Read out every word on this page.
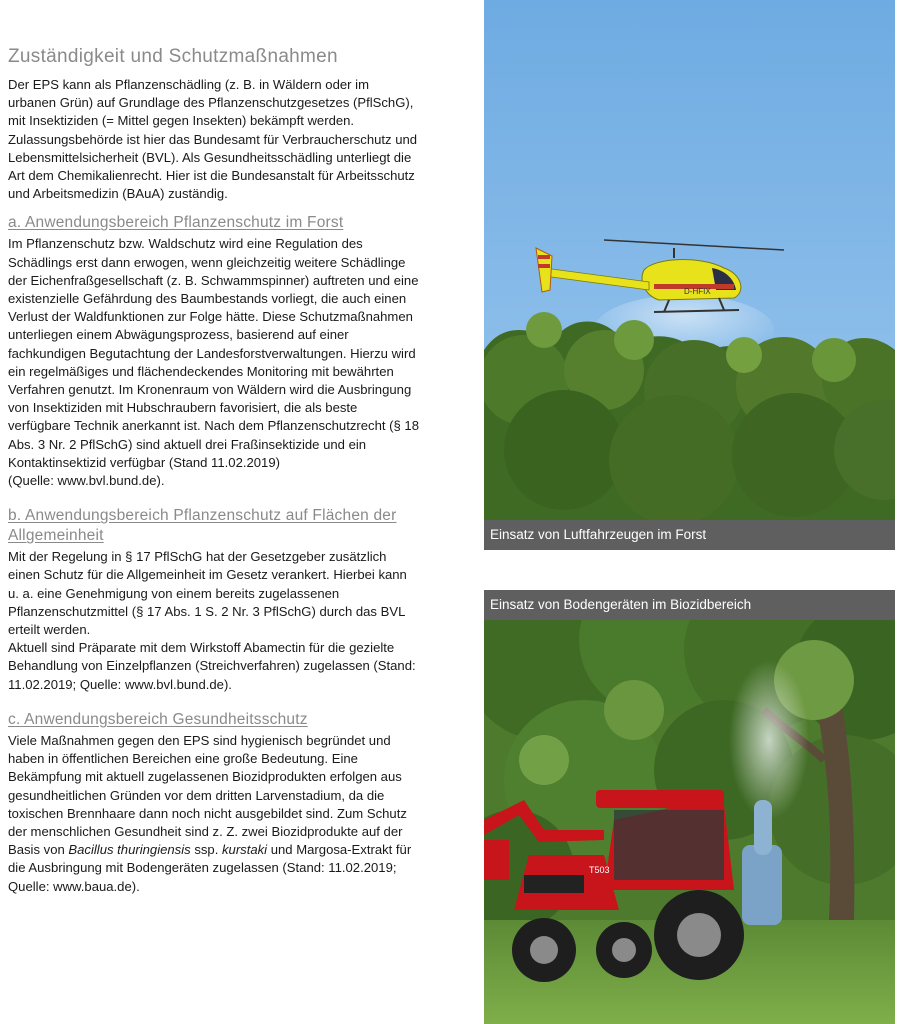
Zuständigkeit und Schutzmaßnahmen

Der EPS kann als Pflanzenschädling (z. B. in Wäldern oder im urbanen Grün) auf Grundlage des Pflanzenschutzgesetzes (PflSchG), mit Insektiziden (= Mittel gegen Insekten) bekämpft werden. Zulassungsbehörde ist hier das Bundesamt für Verbraucherschutz und Lebensmittelsicherheit (BVL). Als Gesundheitsschädling unterliegt die Art dem Chemikalienrecht. Hier ist die Bundesanstalt für Arbeitsschutz und Arbeitsmedizin (BAuA) zuständig.

a. Anwendungsbereich Pflanzenschutz im Forst

Im Pflanzenschutz bzw. Waldschutz wird eine Regulation des Schädlings erst dann erwogen, wenn gleichzeitig weitere Schädlinge der Eichenfraßgesellschaft (z. B. Schwammspinner) auftreten und eine existenzielle Gefährdung des Baumbestands vorliegt, die auch einen Verlust der Waldfunktionen zur Folge hätte. Diese Schutzmaßnahmen unterliegen einem Abwägungsprozess, basierend auf einer fachkundigen Begutachtung der Landesforstverwaltungen. Hierzu wird ein regelmäßiges und flächendeckendes Monitoring mit bewährten Verfahren genutzt. Im Kronenraum von Wäldern wird die Ausbringung von Insektiziden mit Hubschraubern favorisiert, die als beste verfügbare Technik anerkannt ist. Nach dem Pflanzenschutzrecht (§ 18 Abs. 3 Nr. 2 PflSchG) sind aktuell drei Fraßinsektizide und ein Kontaktinsektizid verfügbar (Stand 11.02.2019)

(Quelle: www.bvl.bund.de).

b. Anwendungsbereich Pflanzenschutz auf Flächen der Allgemeinheit

Mit der Regelung in § 17 PflSchG hat der Gesetzgeber zusätzlich einen Schutz für die Allgemeinheit im Gesetz verankert. Hierbei kann u. a. eine Genehmigung von einem bereits zugelassenen Pflanzenschutzmittel (§ 17 Abs. 1 S. 2 Nr. 3 PflSchG) durch das BVL erteilt werden.

Aktuell sind Präparate mit dem Wirkstoff Abamectin für die gezielte Behandlung von Einzelpflanzen (Streichverfahren) zugelassen (Stand: 11.02.2019; Quelle: www.bvl.bund.de).

c. Anwendungsbereich Gesundheitsschutz

Viele Maßnahmen gegen den EPS sind hygienisch begründet und haben in öffentlichen Bereichen eine große Bedeutung. Eine Bekämpfung mit aktuell zugelassenen Biozidprodukten erfolgen aus gesundheitlichen Gründen vor dem dritten Larvenstadium, da die toxischen Brennhaare dann noch nicht ausgebildet sind. Zum Schutz der menschlichen Gesundheit sind z. Z. zwei Biozidprodukte auf der Basis von Bacillus thuringiensis ssp. kurstaki und Margosa-Extrakt für die Ausbringung mit Bodengeräten zugelassen (Stand: 11.02.2019; Quelle: www.baua.de).

D-HFIX
Einsatz von Luftfahrzeugen im Forst
T503
Einsatz von Bodengeräten im Biozidbereich
